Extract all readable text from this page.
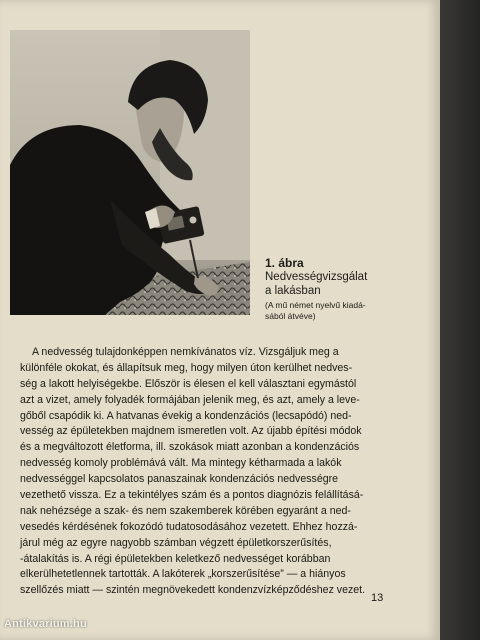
1. ábra
Nedvességvizsgálat
a lakásban
(A mű német nyelvű kiadá-
sából átvéve)
A nedvesség tulajdonképpen nemkívánatos víz. Vizsgáljuk meg a
különféle okokat, és állapítsuk meg, hogy milyen úton kerülhet nedves-
ség a lakott helyiségekbe. Először is élesen el kell választani egymástól
azt a vizet, amely folyadék formájában jelenik meg, és azt, amely a leve-
gőből csapódik ki. A hatvanas évekig a kondenzációs (lecsapódó) ned-
vesség az épületekben majdnem ismeretlen volt. Az újabb építési módok
és a megváltozott életforma, ill. szokások miatt azonban a kondenzációs
nedvesség komoly problémává vált. Ma mintegy kétharmada a lakók
nedvességgel kapcsolatos panaszainak kondenzációs nedvességre
vezethető vissza. Ez a tekintélyes szám és a pontos diagnózis felállításá-
nak nehézsége a szak- és nem szakemberek körében egyaránt a ned-
vesedés kérdésének fokozódó tudatosodásához vezetett. Ehhez hozzá-
járul még az egyre nagyobb számban végzett épületkorszerűsítés,
-átalakítás is. A régi épületekben keletkező nedvességet korábban
elkerülhetetlennek tartották. A lakóterek „korszerűsítése” — a hiányos
szellőzés miatt — szintén megnövekedett kondenzvízképződéshez vezet.
13
Antikvarium.hu
